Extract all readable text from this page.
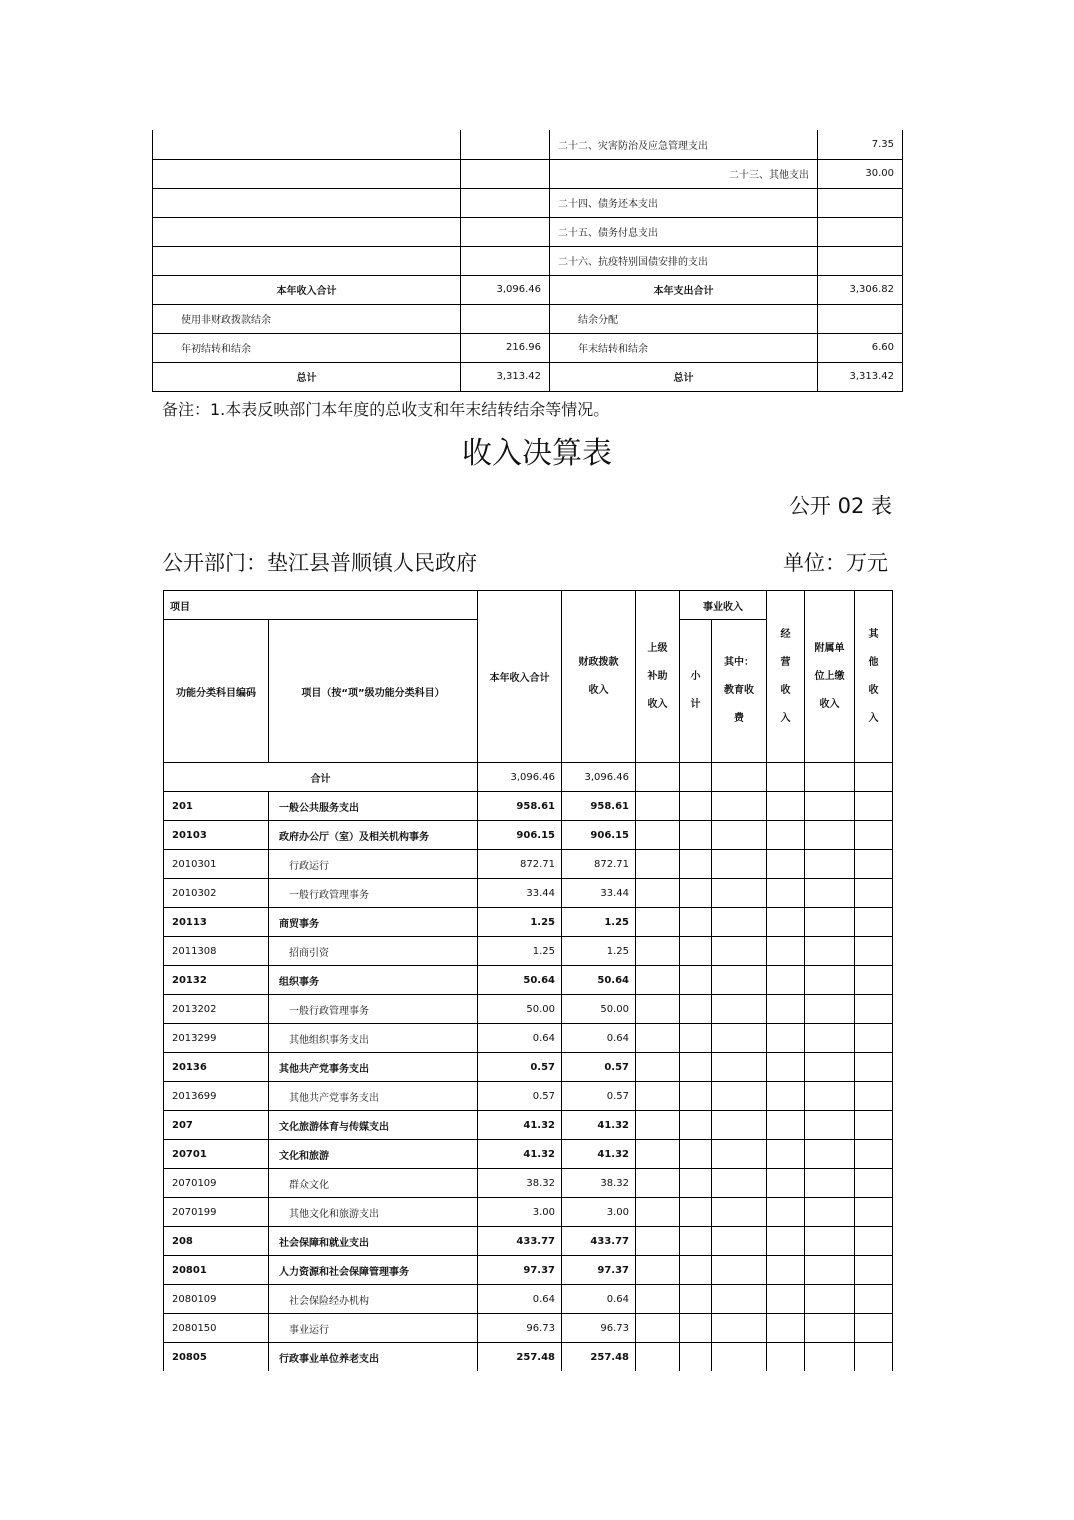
		二十二、灾害防治及应急管理支出	7.35
		二十三、其他支出	30.00
		二十四、债务还本支出	
		二十五、债务付息支出	
		二十六、抗疫特别国债安排的支出	
本年收入合计	3,096.46	本年支出合计	3,306.82
使用非财政拨款结余		结余分配	
年初结转和结余	216.96	年末结转和结余	6.60
总计	3,313.42	总计	3,313.42
备注：1.本表反映部门本年度的总收支和年末结转结余等情况。
收入决算表
公开 02 表
公开部门：垫江县普顺镇人民政府	单位：万元
项目		本年收入合计	财政拨款收入	上级补助收入	事业收入		经营收入	附属单位上缴收入	其他收入
功能分类科目编码	项目（按“项”级功能分类科目）				小计	其中：教育收费			
合计		3,096.46	3,096.46						
201	一般公共服务支出	958.61	958.61						
20103	政府办公厅（室）及相关机构事务	906.15	906.15						
2010301	行政运行	872.71	872.71						
2010302	一般行政管理事务	33.44	33.44						
20113	商贸事务	1.25	1.25						
2011308	招商引资	1.25	1.25						
20132	组织事务	50.64	50.64						
2013202	一般行政管理事务	50.00	50.00						
2013299	其他组织事务支出	0.64	0.64						
20136	其他共产党事务支出	0.57	0.57						
2013699	其他共产党事务支出	0.57	0.57						
207	文化旅游体育与传媒支出	41.32	41.32						
20701	文化和旅游	41.32	41.32						
2070109	群众文化	38.32	38.32						
2070199	其他文化和旅游支出	3.00	3.00						
208	社会保障和就业支出	433.77	433.77						
20801	人力资源和社会保障管理事务	97.37	97.37						
2080109	社会保险经办机构	0.64	0.64						
2080150	事业运行	96.73	96.73						
20805	行政事业单位养老支出	257.48	257.48						
